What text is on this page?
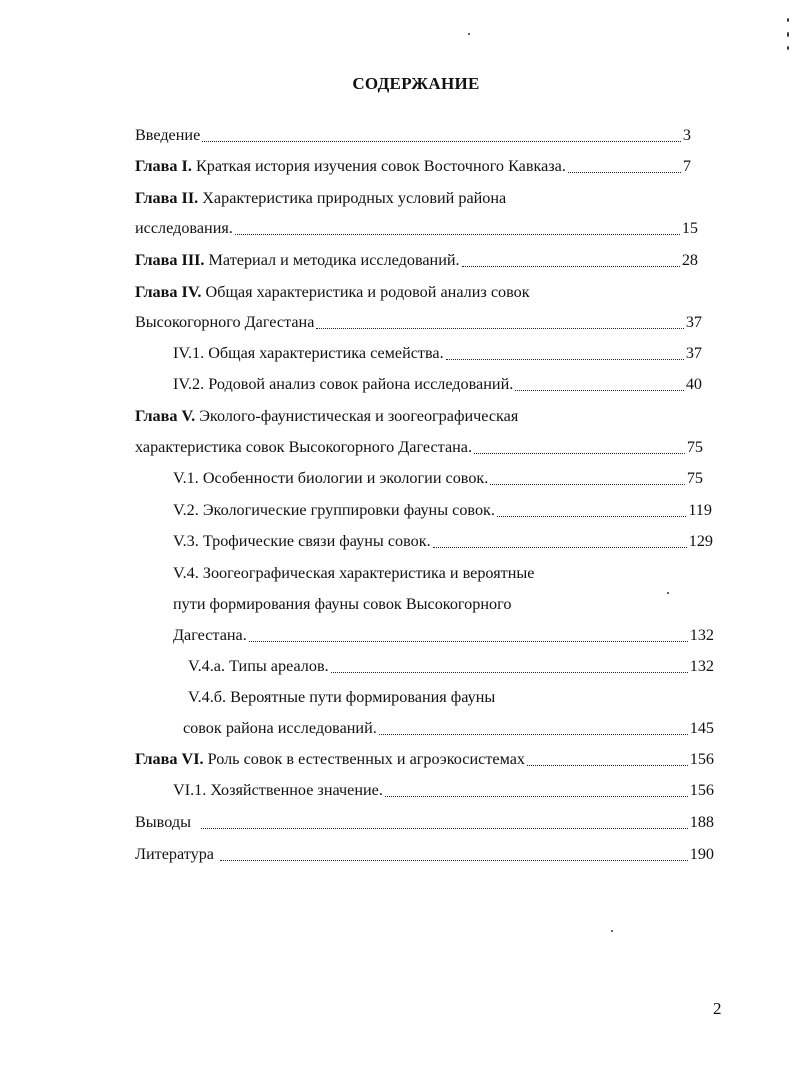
СОДЕРЖАНИЕ
Введение	3
Глава I. Краткая история изучения совок Восточного Кавказа.	7
Глава II. Характеристика природных условий района
исследования.	15
Глава III. Материал и методика исследований.	28
Глава IV. Общая характеристика и родовой анализ совок
Высокогорного Дагестана	37
IV.1. Общая характеристика семейства.	37
IV.2. Родовой анализ совок района исследований.	40
Глава V. Эколого-фаунистическая и зоогеографическая
характеристика совок Высокогорного Дагестана.	75
V.1. Особенности биологии и экологии совок.	75
V.2. Экологические группировки фауны совок.	119
V.3. Трофические связи фауны совок.	129
V.4. Зоогеографическая характеристика и вероятные
пути формирования фауны совок Высокогорного
Дагестана.	132
V.4.а. Типы ареалов.	132
V.4.б. Вероятные пути формирования фауны
совок района исследований.	145
Глава VI. Роль совок в естественных и агроэкосистемах	156
VI.1. Хозяйственное значение.	156
Выводы	188
Литература	190
2
